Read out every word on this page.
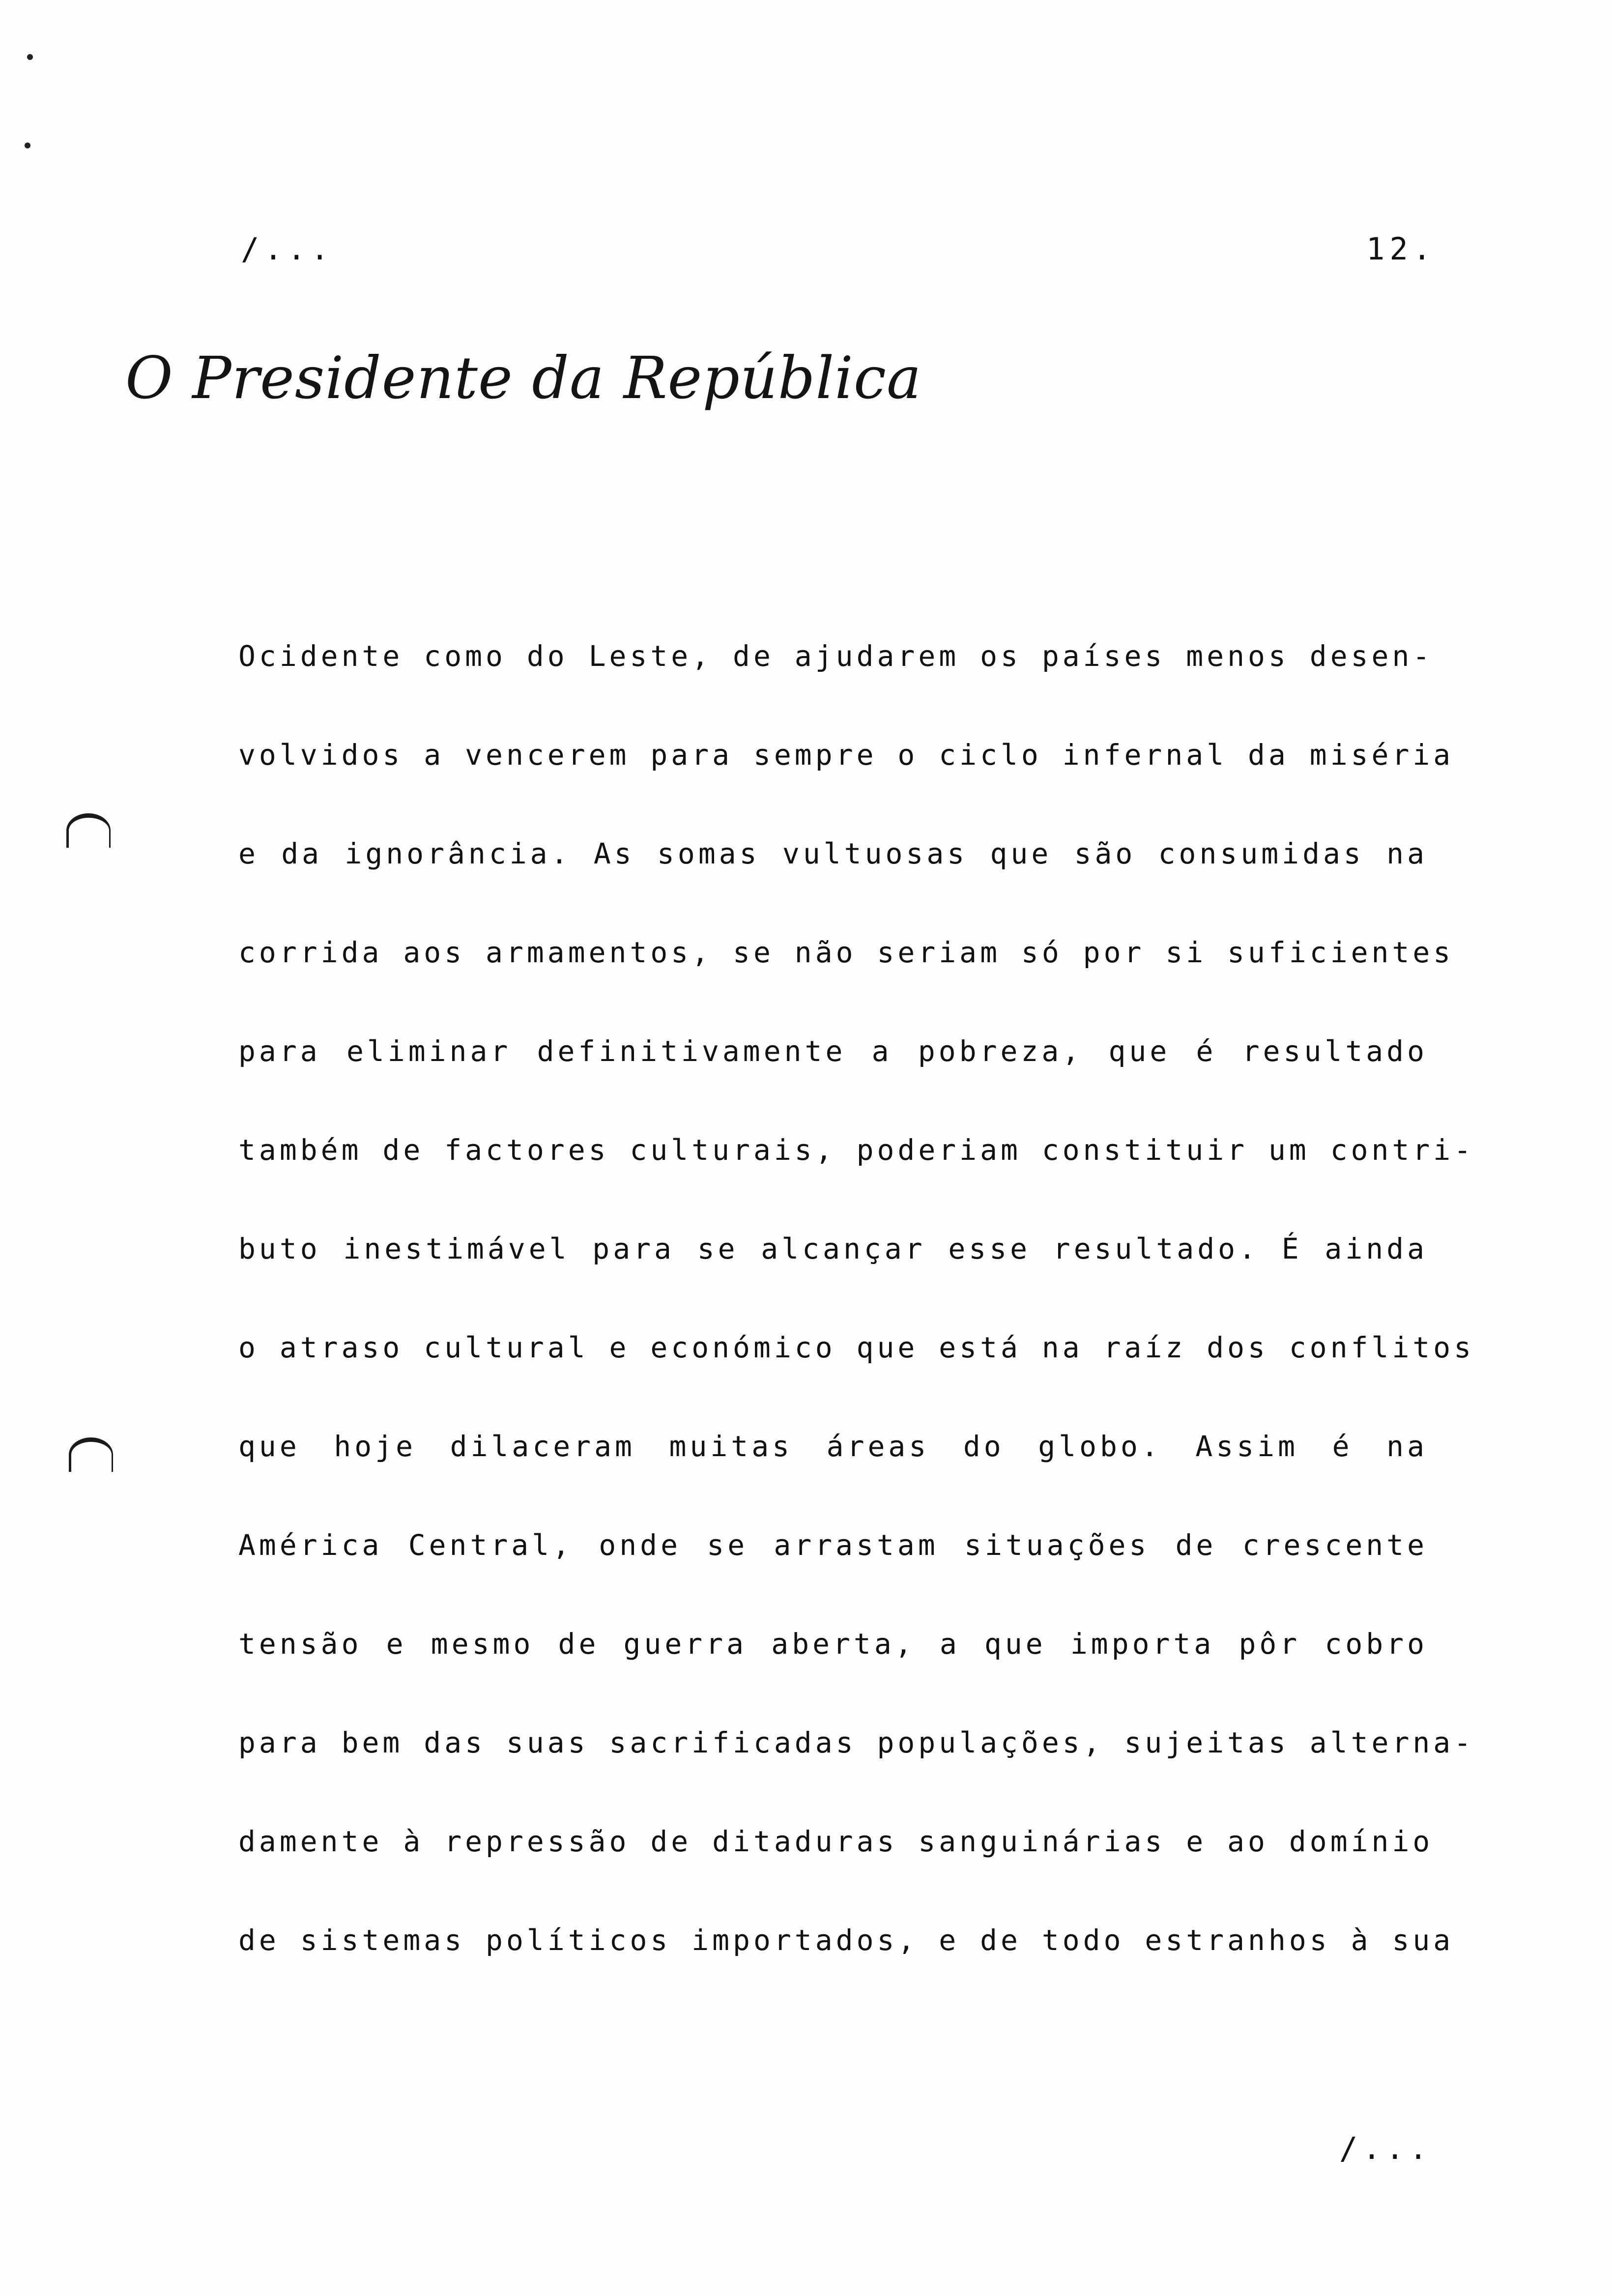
/...	12.
O Presidente da República
Ocidente como do Leste, de ajudarem os países menos desen-
volvidos a vencerem para sempre o ciclo infernal da miséria
e da ignorância. As somas vultuosas que são consumidas na
corrida aos armamentos, se não seriam só por si suficientes
para eliminar definitivamente a pobreza, que é resultado
também de factores culturais, poderiam constituir um contri-
buto inestimável para se alcançar esse resultado. É ainda
o atraso cultural e económico que está na raíz dos conflitos
que hoje dilaceram muitas áreas do globo. Assim é na
América Central, onde se arrastam situações de crescente
tensão e mesmo de guerra aberta, a que importa pôr cobro
para bem das suas sacrificadas populações, sujeitas alterna-
damente à repressão de ditaduras sanguinárias e ao domínio
de sistemas políticos importados, e de todo estranhos à sua
/...
